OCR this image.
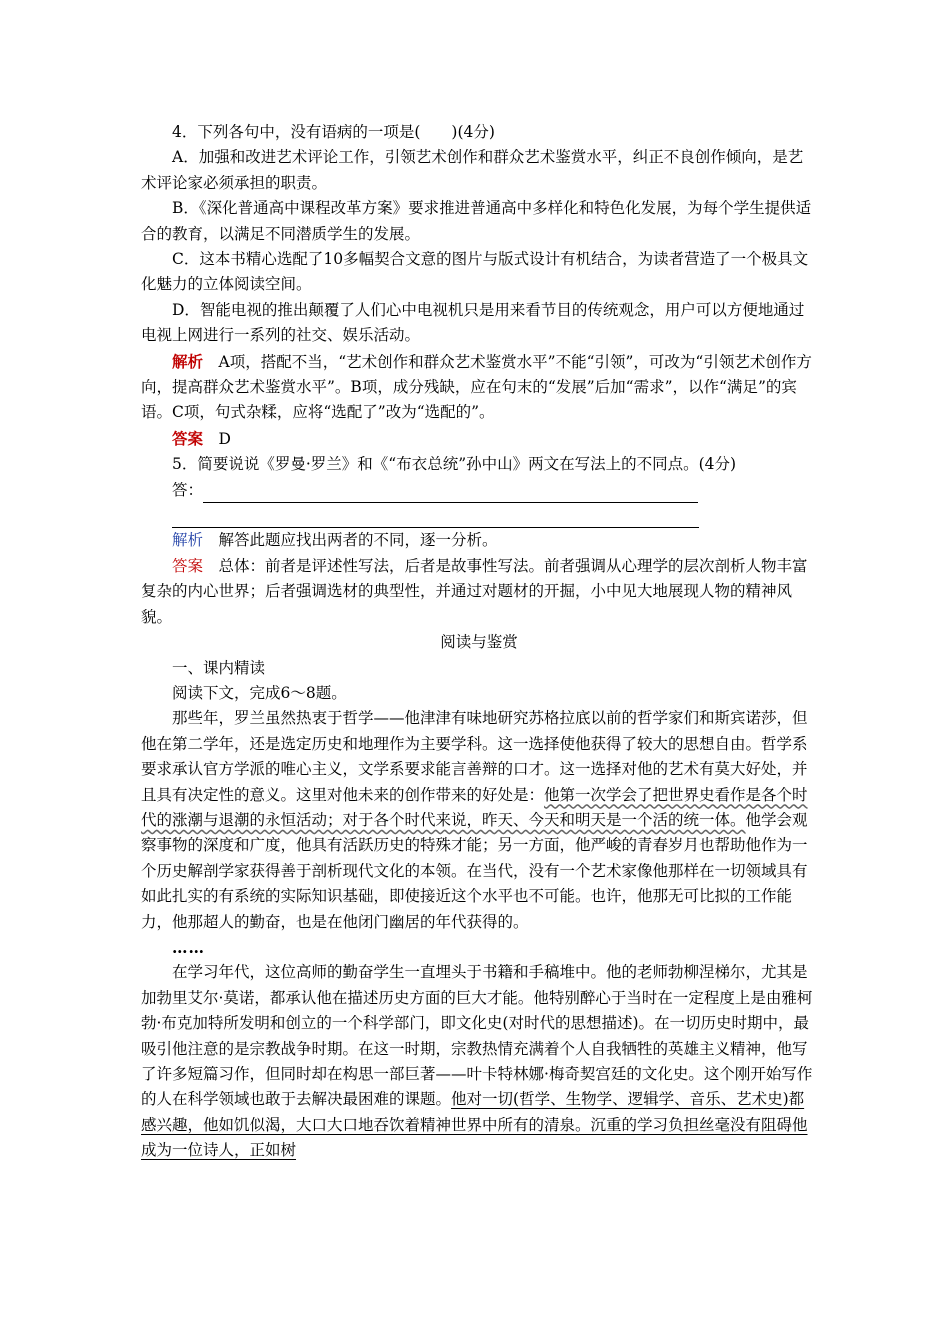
4．下列各句中，没有语病的一项是(　　)(4分)

A．加强和改进艺术评论工作，引领艺术创作和群众艺术鉴赏水平，纠正不良创作倾向，是艺术评论家必须承担的职责。

B．《深化普通高中课程改革方案》要求推进普通高中多样化和特色化发展，为每个学生提供适合的教育，以满足不同潜质学生的发展。

C．这本书精心选配了10多幅契合文意的图片与版式设计有机结合，为读者营造了一个极具文化魅力的立体阅读空间。

D．智能电视的推出颠覆了人们心中电视机只是用来看节目的传统观念，用户可以方便地通过电视上网进行一系列的社交、娱乐活动。

解析　 A项，搭配不当，“艺术创作和群众艺术鉴赏水平”不能“引领”，可改为“引领艺术创作方向，提高群众艺术鉴赏水平”。B项，成分残缺，应在句末的“发展”后加“需求”，以作“满足”的宾语。C项，句式杂糅，应将“选配了”改为“选配的”。

答案　 D

5．简要说说《罗曼·罗兰》和《“布衣总统”孙中山》两文在写法上的不同点。(4分)

答：

解析　 解答此题应找出两者的不同，逐一分析。

答案　 总体：前者是评述性写法，后者是故事性写法。前者强调从心理学的层次剖析人物丰富复杂的内心世界；后者强调选材的典型性，并通过对题材的开掘，小中见大地展现人物的精神风貌。

阅读与鉴赏

一、课内精读

阅读下文，完成6～8题。

那些年，罗兰虽然热衷于哲学——他津津有味地研究苏格拉底以前的哲学家们和斯宾诺莎，但他在第二学年，还是选定历史和地理作为主要学科。这一选择使他获得了较大的思想自由。哲学系要求承认官方学派的唯心主义，文学系要求能言善辩的口才。这一选择对他的艺术有莫大好处，并且具有决定性的意义。这里对他未来的创作带来的好处是：他第一次学会了把世界史看作是各个时代的涨潮与退潮的永恒活动；对于各个时代来说，昨天、今天和明天是一个活的统一体。他学会观察事物的深度和广度，他具有活跃历史的特殊才能；另一方面，他严峻的青春岁月也帮助他作为一个历史解剖学家获得善于剖析现代文化的本领。在当代，没有一个艺术家像他那样在一切领域具有如此扎实的有系统的实际知识基础，即使接近这个水平也不可能。也许，他那无可比拟的工作能力，他那超人的勤奋，也是在他闭门幽居的年代获得的。

……

在学习年代，这位高师的勤奋学生一直埋头于书籍和手稿堆中。他的老师勃柳涅梯尔，尤其是加勃里艾尔·莫诺，都承认他在描述历史方面的巨大才能。他特别醉心于当时在一定程度上是由雅柯勃·布克加特所发明和创立的一个科学部门，即文化史(对时代的思想描述)。在一切历史时期中，最吸引他注意的是宗教战争时期。在这一时期，宗教热情充满着个人自我牺牲的英雄主义精神，他写了许多短篇习作，但同时却在构思一部巨著——叶卡特林娜·梅奇契宫廷的文化史。这个刚开始写作的人在科学领域也敢于去解决最困难的课题。他对一切(哲学、生物学、逻辑学、音乐、艺术史)都感兴趣，他如饥似渴，大口大口地吞饮着精神世界中所有的清泉。沉重的学习负担丝毫没有阻碍他成为一位诗人，正如树
